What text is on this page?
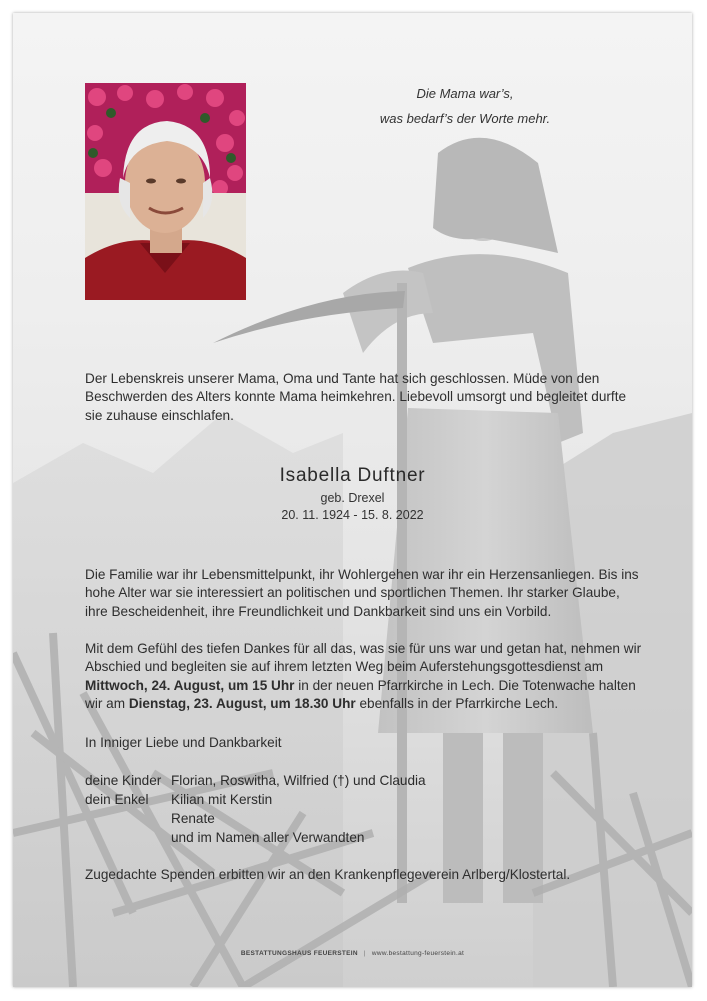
Die Mama war’s,
was bedarf’s der Worte mehr.
Der Lebenskreis unserer Mama, Oma und Tante hat sich geschlossen. Müde von den Beschwerden des Alters konnte Mama heimkehren. Liebevoll umsorgt und begleitet durfte sie zuhause einschlafen.
Isabella Duftner
geb. Drexel
20. 11. 1924 - 15. 8. 2022
Die Familie war ihr Lebensmittelpunkt, ihr Wohlergehen war ihr ein Herzensanliegen. Bis ins hohe Alter war sie interessiert an politischen und sportlichen Themen. Ihr starker Glaube, ihre Bescheidenheit, ihre Freundlichkeit und Dankbarkeit sind uns ein Vorbild.
Mit dem Gefühl des tiefen Dankes für all das, was sie für uns war und getan hat, nehmen wir Abschied und begleiten sie auf ihrem letzten Weg beim Auferstehungsgottesdienst am Mittwoch, 24. August, um 15 Uhr in der neuen Pfarrkirche in Lech. Die Totenwache halten wir am Dienstag, 23. August, um 18.30 Uhr ebenfalls in der Pfarrkirche Lech.
In Inniger Liebe und Dankbarkeit
deine Kinder Florian, Roswitha, Wilfried (†) und Claudia
dein Enkel	Kilian mit Kerstin
Renate
und im Namen aller Verwandten
Zugedachte Spenden erbitten wir an den Krankenpflegeverein Arlberg/Klostertal.
BESTATTUNGSHAUS FEUERSTEIN | www.bestattung-feuerstein.at
